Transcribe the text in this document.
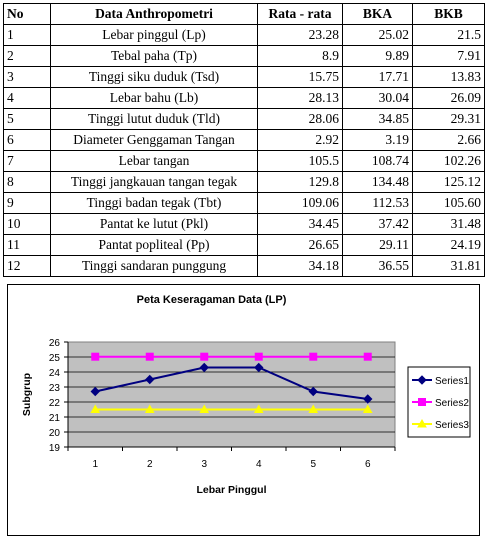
No	Data Anthropometri	Rata - rata	BKA	BKB
1	Lebar pinggul (Lp)	23.28	25.02	21.5
2	Tebal paha (Tp)	8.9	9.89	7.91
3	Tinggi siku duduk (Tsd)	15.75	17.71	13.83
4	Lebar bahu (Lb)	28.13	30.04	26.09
5	Tinggi lutut duduk (Tld)	28.06	34.85	29.31
6	Diameter Genggaman Tangan	2.92	3.19	2.66
7	Lebar tangan	105.5	108.74	102.26
8	Tinggi jangkauan tangan tegak	129.8	134.48	125.12
9	Tinggi badan tegak (Tbt)	109.06	112.53	105.60
10	Pantat ke lutut (Pkl)	34.45	37.42	31.48
11	Pantat popliteal (Pp)	26.65	29.11	24.19
12	Tinggi sandaran punggung	34.18	36.55	31.81
Peta Keseragaman Data (LP)
19
20
21
22
23
24
25
26
1	2	3	4	5	6
Lebar Pinggul
Subgrup	Series1
Series2
Series3
